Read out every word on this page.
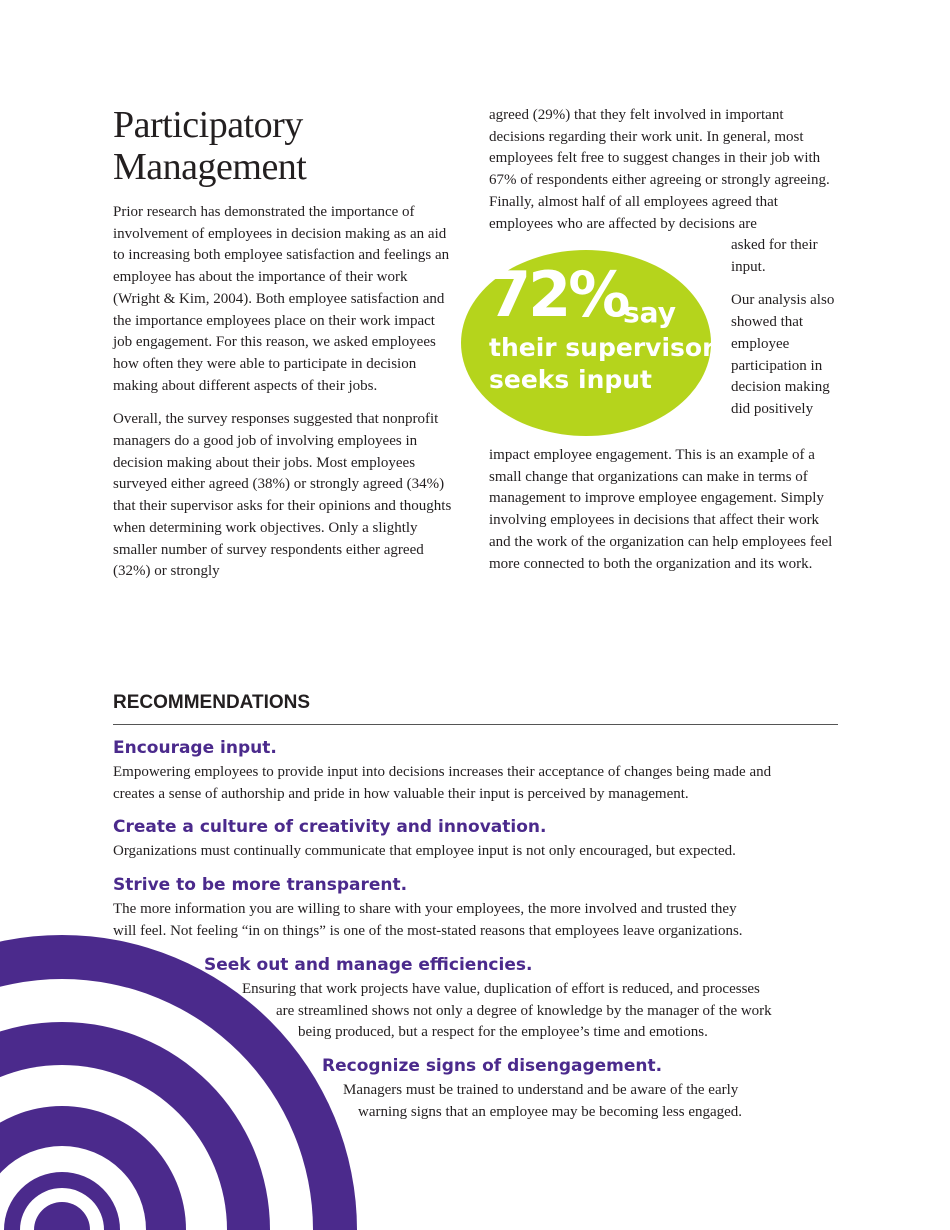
Participatory
Management

Prior research has demonstrated the importance of involvement of employees in decision making as an aid to increasing both employee satisfaction and feelings an employee has about the importance of their work (Wright & Kim, 2004). Both employee satisfaction and the importance employees place on their work impact job engagement. For this reason, we asked employees how often they were able to participate in decision making about different aspects of their jobs.

Overall, the survey responses suggested that nonprofit managers do a good job of involving employees in decision making about their jobs. Most employees surveyed either agreed (38%) or strongly agreed (34%) that their supervisor asks for their opinions and thoughts when determining work objectives. Only a slightly smaller number of survey respondents either agreed (32%) or strongly

agreed (29%) that they felt involved in important decisions regarding their work unit. In general, most employees felt free to suggest changes in their job with 67% of respondents either agreeing or strongly agreeing. Finally, almost half of all employees agreed that employees who are affected by decisions are

asked for their input.

Our analysis also showed that employee participation in decision making did positively

impact employee engagement. This is an example of a small change that organizations can make in terms of management to improve employee engagement. Simply involving employees in decisions that affect their work and the work of the organization can help employees feel more connected to both the organization and its work.

72%
say
their supervisor
seeks input
RECOMMENDATIONS
Encourage input.
Empowering employees to provide input into decisions increases their acceptance of changes being made and
creates a sense of authorship and pride in how valuable their input is perceived by management.
Create a culture of creativity and innovation.
Organizations must continually communicate that employee input is not only encouraged, but expected.
Strive to be more transparent.
The more information you are willing to share with your employees, the more involved and trusted they
will feel. Not feeling “in on things” is one of the most-stated reasons that employees leave organizations.
Seek out and manage efficiencies.
Ensuring that work projects have value, duplication of effort is reduced, and processes
are streamlined shows not only a degree of knowledge by the manager of the work
being produced, but a respect for the employee’s time and emotions.
Recognize signs of disengagement.
Managers must be trained to understand and be aware of the early
warning signs that an employee may be becoming less engaged.
